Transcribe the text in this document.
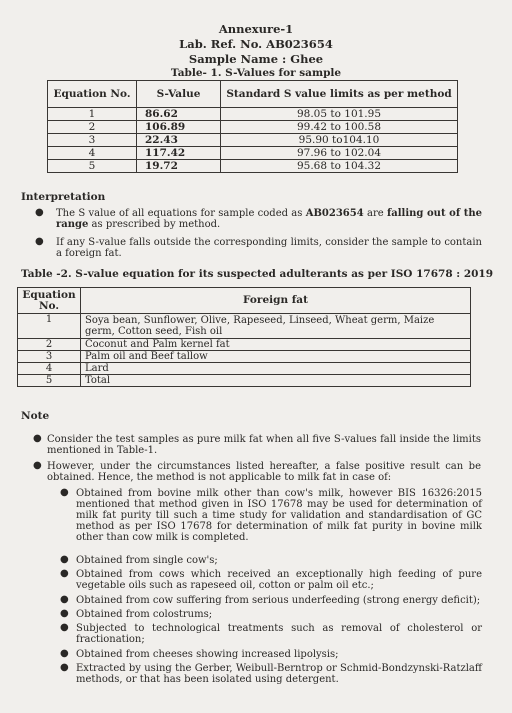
Annexure-1
Lab. Ref. No. AB023654
Sample Name : Ghee
Table- 1. S-Values for sample
Equation No.	S-Value	Standard S value limits as per method
1	86.62	98.05 to 101.95
2	106.89	99.42 to 100.58
3	22.43	95.90 to104.10
4	117.42	97.96 to 102.04
5	19.72	95.68 to 104.32
Interpretation
● The S value of all equations for sample coded as AB023654 are falling out of the range as prescribed by method.
● If any S-value falls outside the corresponding limits, consider the sample to contain a foreign fat.
Table -2. S-value equation for its suspected adulterants as per ISO 17678 : 2019
Equation No.	Foreign fat
1	Soya bean, Sunflower, Olive, Rapeseed, Linseed, Wheat germ, Maize germ, Cotton seed, Fish oil
2	Coconut and Palm kernel fat
3	Palm oil and Beef tallow
4	Lard
5	Total
Note
● Consider the test samples as pure milk fat when all five S-values fall inside the limits mentioned in Table-1.
● However, under the circumstances listed hereafter, a false positive result can be obtained. Hence, the method is not applicable to milk fat in case of:
● Obtained from bovine milk other than cow's milk, however BIS 16326:2015 mentioned that method given in ISO 17678 may be used for determination of milk fat purity till such a time study for validation and standardisation of GC method as per ISO 17678 for determination of milk fat purity in bovine milk other than cow milk is completed.
● Obtained from single cow's;
● Obtained from cows which received an exceptionally high feeding of pure vegetable oils such as rapeseed oil, cotton or palm oil etc.;
● Obtained from cow suffering from serious underfeeding (strong energy deficit);
● Obtained from colostrums;
● Subjected to technological treatments such as removal of cholesterol or fractionation;
● Obtained from cheeses showing increased lipolysis;
● Extracted by using the Gerber, Weibull-Berntrop or Schmid-Bondzynski-Ratzlaff methods, or that has been isolated using detergent.
